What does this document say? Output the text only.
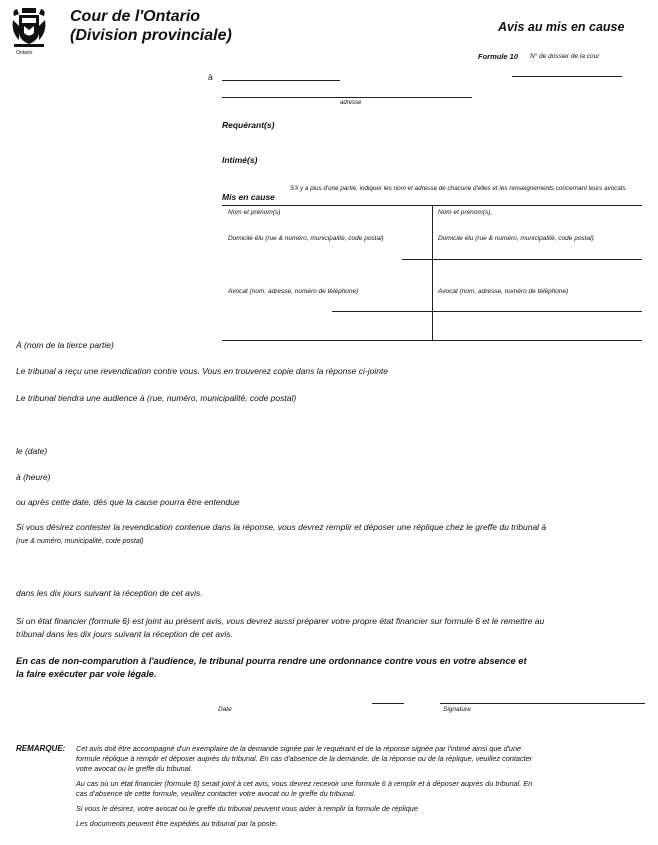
Ontario
Cour de l'Ontario
(Division provinciale)	Avis au mis en cause
Formule 10 N° de dossier de la cour
à
adresse
Requérant(s)
Intimé(s)
Mis en cause
S'il y a plus d'une partie, indiquer les nom et adresse de chacune d'elles et les renseignements concernant leurs avocats
Nom et prénom(s)	Nom et prénom(s),
Domicile élu (rue & numéro, municipalité, code postal)	Domicile élu (rue & numéro, municipalité, code postal)
Avocat (nom, adresse, numéro de téléphone)	Avocat (nom, adresse, numéro de téléphone)
À (nom de la tierce partie)
Le tribunal a reçu une revendication contre vous. Vous en trouverez copie dans la réponse ci-jointe
Le tribunal tiendra une audience à (rue, numéro, municipalité, code postal)
le (date)
à (heure)
ou après cette date, dès que la cause pourra être entendue
Si vous désirez contester la revendication contenue dans la réponse, vous devrez remplir et déposer une réplique chez le greffe du tribunal à
(rue & numéro, municipalité, code postal)
dans les dix jours suivant la réception de cet avis.
Si un état financier (formule 6) est joint au présent avis, vous devrez aussi préparer votre propre état financier sur formule 6 et le remettre au
tribunal dans les dix jours suivant la réception de cet avis.
En cas de non-comparution à l'audience, le tribunal pourra rendre une ordonnance contre vous en votre absence et
la faire exécuter par voie légale.
Date	Signature
REMARQUE: Cet avis doit être accompagné d'un exemplaire de la demande signée par le requérant et de la réponse signée par l'intimé ainsi que d'une
formule réplique à remplir et déposer auprès du tribunal. En cas d'absence de la demande, de la réponse ou de la réplique, veuillez contacter
votre avocat ou le greffe du tribunal.
Au cas où un état financier (formule 6) serait joint à cet avis, vous devrez recevoir une formule 6 à remplir et à déposer auprès du tribunal. En
cas d'absence de cette formule, veuillez contacter votre avocat ou le greffe du tribunal.
Si vous le désirez, votre avocat ou le greffe du tribunal peuvent vous aider à remplir la formule de réplique
Les documents peuvent être expédiés au tribunal par la poste.
